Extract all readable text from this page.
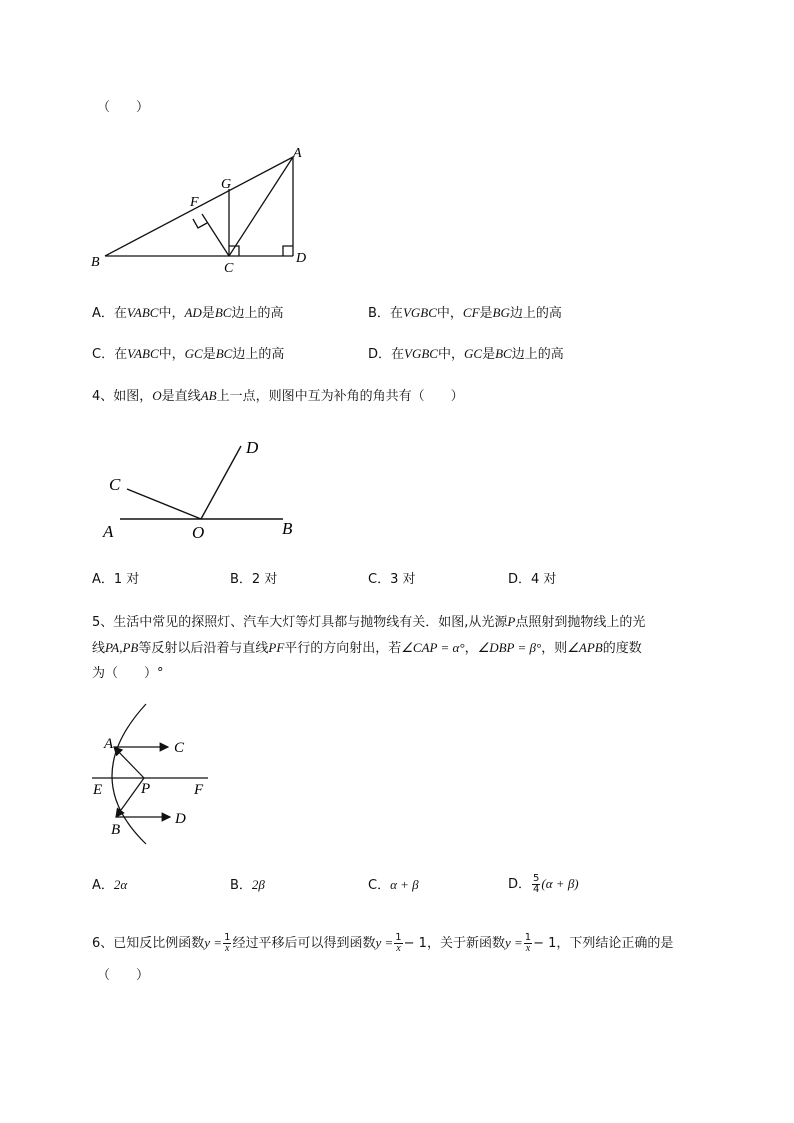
（　　）
B
A
D
C
G
F
A．在VABC中，AD是BC边上的高	B．在VGBC中，CF是BG边上的高
C．在VABC中，GC是BC边上的高	D．在VGBC中，GC是BC边上的高
4、如图，O是直线AB上一点，则图中互为补角的角共有（　　）
A	B
C
D
O
A．1 对	B．2 对	C．3 对	D．4 对
5、生活中常见的探照灯、汽车大灯等灯具都与抛物线有关．如图,从光源P点照射到抛物线上的光
线PA,PB等反射以后沿着与直线PF平行的方向射出，若∠CAP = α°，∠DBP = β°，则∠APB的度数
为（　　）°
A	C
E	P	F
B
D
A．2α	B．2β	C．α + β	D． $\frac{5}{4} (\alpha + \beta)$
6、已知反比例函数$y = \frac{1}{x}$ 经过平移后可以得到函数$y = \frac{1}{x} - 1$，关于新函数$y = \frac{1}{x} - 1$，下列结论正确的是
（　　）
